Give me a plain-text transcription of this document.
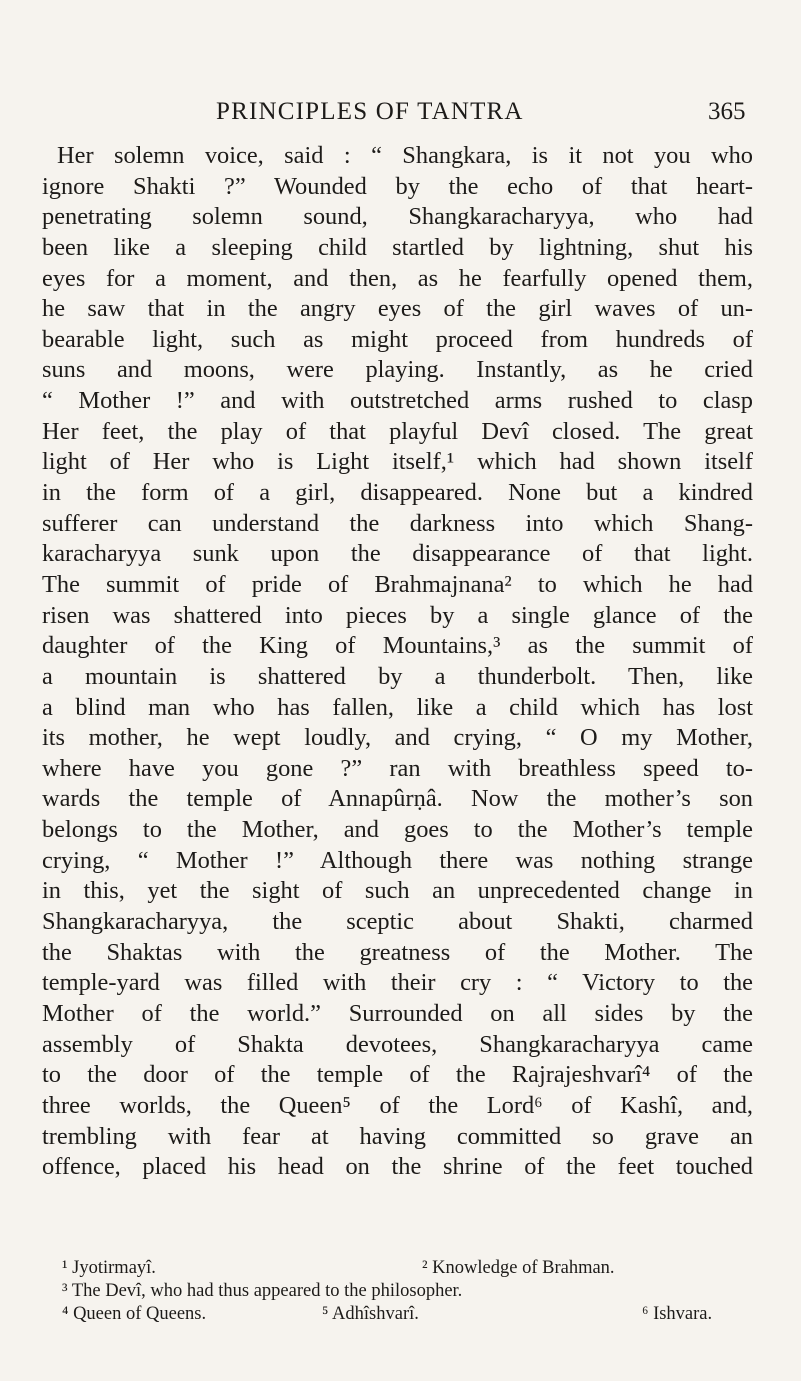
PRINCIPLES OF TANTRA	365
Her solemn voice, said : “ Shangkara, is it not you who
ignore Shakti ?” Wounded by the echo of that heart-
penetrating solemn sound, Shangkaracharyya, who had
been like a sleeping child startled by lightning, shut his
eyes for a moment, and then, as he fearfully opened them,
he saw that in the angry eyes of the girl waves of un-
bearable light, such as might proceed from hundreds of
suns and moons, were playing. Instantly, as he cried
“ Mother !” and with outstretched arms rushed to clasp
Her feet, the play of that playful Devî closed. The great
light of Her who is Light itself,¹ which had shown itself
in the form of a girl, disappeared. None but a kindred
sufferer can understand the darkness into which Shang-
karacharyya sunk upon the disappearance of that light.
The summit of pride of Brahmajnana² to which he had
risen was shattered into pieces by a single glance of the
daughter of the King of Mountains,³ as the summit of
a mountain is shattered by a thunderbolt. Then, like
a blind man who has fallen, like a child which has lost
its mother, he wept loudly, and crying, “ O my Mother,
where have you gone ?” ran with breathless speed to-
wards the temple of Annapûrṇâ. Now the mother’s son
belongs to the Mother, and goes to the Mother’s temple
crying, “ Mother !” Although there was nothing strange
in this, yet the sight of such an unprecedented change in
Shangkaracharyya, the sceptic about Shakti, charmed
the Shaktas with the greatness of the Mother. The
temple-yard was filled with their cry : “ Victory to the
Mother of the world.” Surrounded on all sides by the
assembly of Shakta devotees, Shangkaracharyya came
to the door of the temple of the Rajrajeshvarî⁴ of the
three worlds, the Queen⁵ of the Lord⁶ of Kashî, and,
trembling with fear at having committed so grave an
offence, placed his head on the shrine of the feet touched
¹ Jyotirmayî.	² Knowledge of Brahman.
³ The Devî, who had thus appeared to the philosopher.
⁴ Queen of Queens.	⁵ Adhîshvarî.	⁶ Ishvara.
